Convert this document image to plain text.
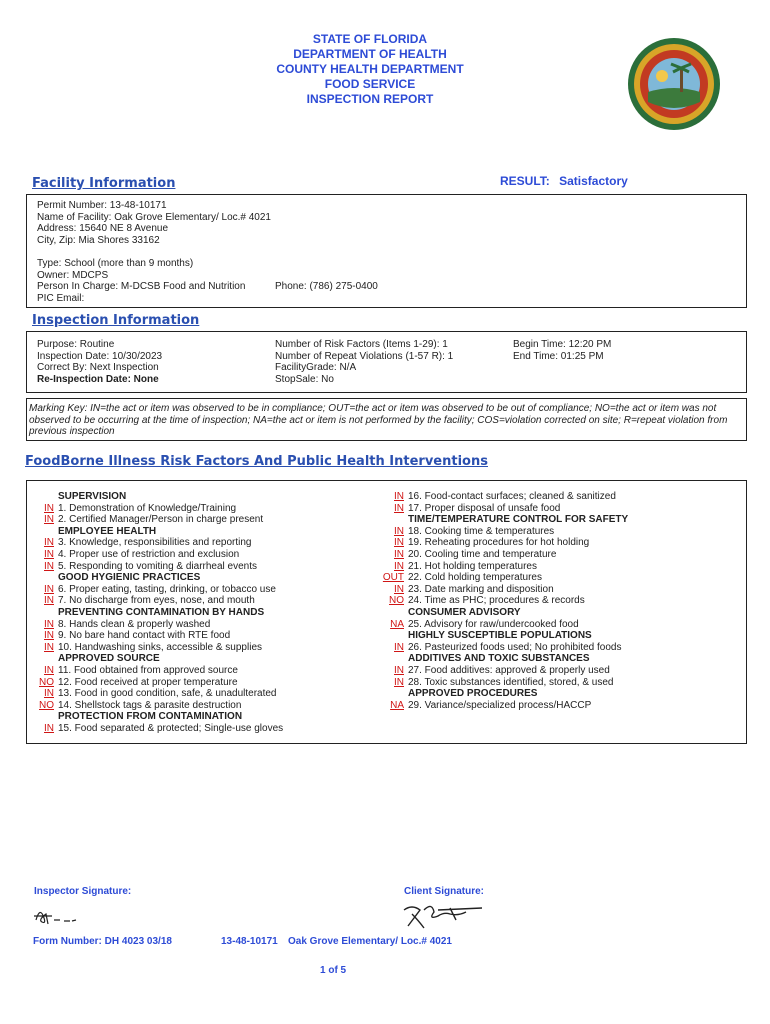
STATE OF FLORIDA
DEPARTMENT OF HEALTH
COUNTY HEALTH DEPARTMENT
FOOD SERVICE
INSPECTION REPORT
Facility Information	RESULT: Satisfactory
Permit Number: 13-48-10171
Name of Facility: Oak Grove Elementary/ Loc.# 4021
Address: 15640 NE 8 Avenue
City, Zip: Mia Shores 33162
Type: School (more than 9 months)
Owner: MDCPS
Person In Charge: M-DCSB Food and Nutrition
PIC Email:
Phone: (786) 275-0400
Inspection Information
Purpose: Routine
Inspection Date: 10/30/2023
Correct By: Next Inspection
Re-Inspection Date: None
Number of Risk Factors (Items 1-29): 1
Number of Repeat Violations (1-57 R): 1
FacilityGrade: N/A
StopSale: No
Begin Time: 12:20 PM
End Time: 01:25 PM
Marking Key: IN=the act or item was observed to be in compliance; OUT=the act or item was observed to be out of compliance; NO=the act or item was not observed to be occurring at the time of inspection; NA=the act or item is not performed by the facility; COS=violation corrected on site; R=repeat violation from previous inspection
FoodBorne Illness Risk Factors And Public Health Interventions
SUPERVISION
IN 1. Demonstration of Knowledge/Training
IN 2. Certified Manager/Person in charge present
EMPLOYEE HEALTH
IN 3. Knowledge, responsibilities and reporting
IN 4. Proper use of restriction and exclusion
IN 5. Responding to vomiting & diarrheal events
GOOD HYGIENIC PRACTICES
IN 6. Proper eating, tasting, drinking, or tobacco use
IN 7. No discharge from eyes, nose, and mouth
PREVENTING CONTAMINATION BY HANDS
IN 8. Hands clean & properly washed
IN 9. No bare hand contact with RTE food
IN 10. Handwashing sinks, accessible & supplies
APPROVED SOURCE
IN 11. Food obtained from approved source
NO 12. Food received at proper temperature
IN 13. Food in good condition, safe, & unadulterated
NO 14. Shellstock tags & parasite destruction
PROTECTION FROM CONTAMINATION
IN 15. Food separated & protected; Single-use gloves
IN 16. Food-contact surfaces; cleaned & sanitized
IN 17. Proper disposal of unsafe food
TIME/TEMPERATURE CONTROL FOR SAFETY
IN 18. Cooking time & temperatures
IN 19. Reheating procedures for hot holding
IN 20. Cooling time and temperature
IN 21. Hot holding temperatures
OUT 22. Cold holding temperatures
IN 23. Date marking and disposition
NO 24. Time as PHC; procedures & records
CONSUMER ADVISORY
NA 25. Advisory for raw/undercooked food
HIGHLY SUSCEPTIBLE POPULATIONS
IN 26. Pasteurized foods used; No prohibited foods
ADDITIVES AND TOXIC SUBSTANCES
IN 27. Food additives: approved & properly used
IN 28. Toxic substances identified, stored, & used
APPROVED PROCEDURES
NA 29. Variance/specialized process/HACCP
Inspector Signature:	Client Signature:
Form Number: DH 4023 03/18	13-48-10171 Oak Grove Elementary/ Loc.# 4021
1 of 5
